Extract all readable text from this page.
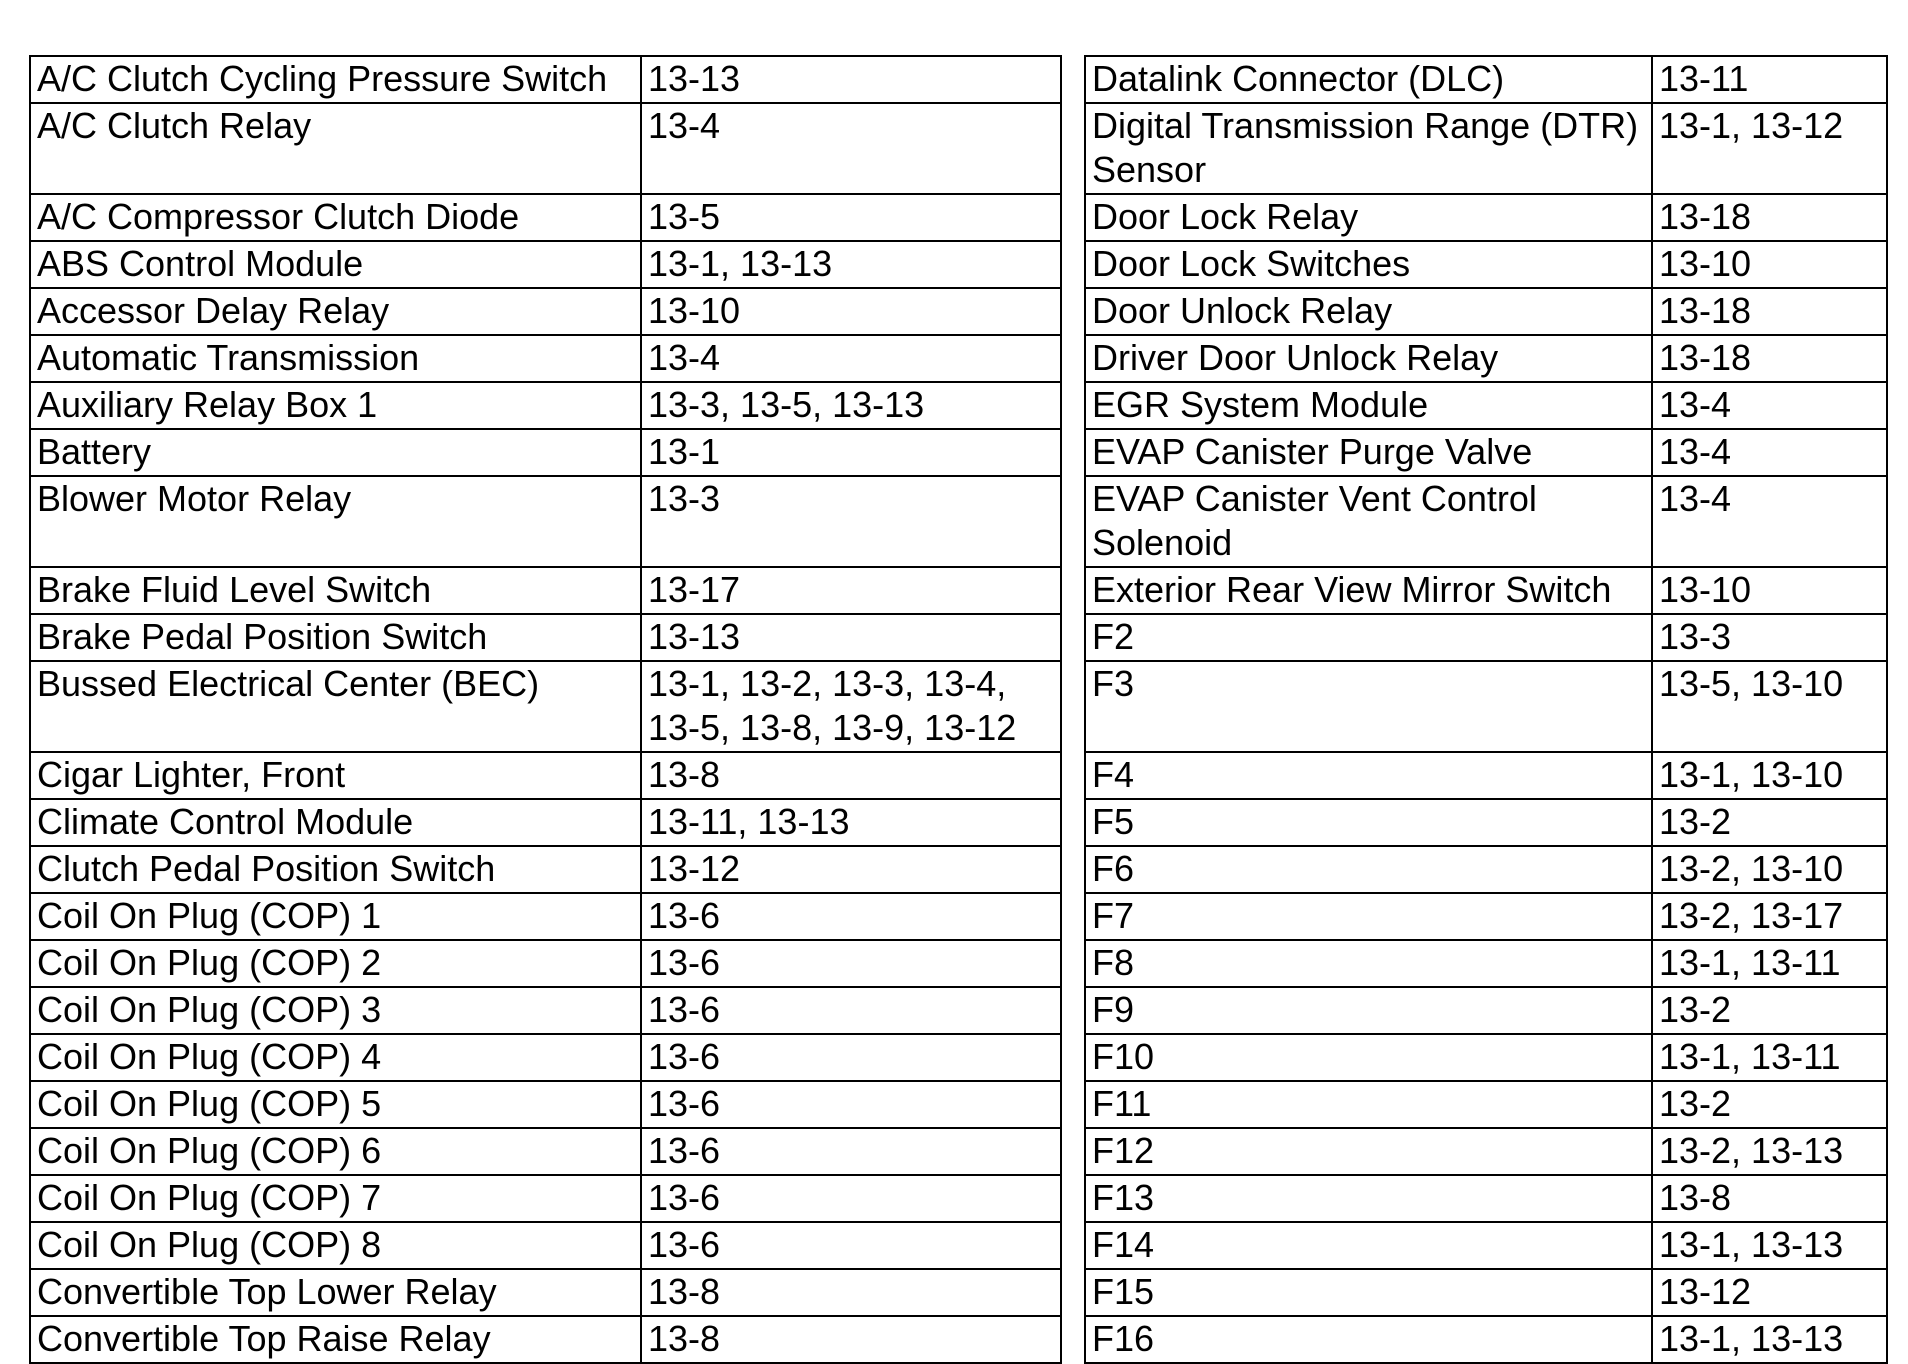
A/C Clutch Cycling Pressure Switch	13-13

A/C Clutch Relay	13-4

A/C Compressor Clutch Diode	13-5

ABS Control Module	13-1, 13-13

Accessor Delay Relay	13-10

Automatic Transmission	13-4

Auxiliary Relay Box 1	13-3, 13-5, 13-13

Battery	13-1

Blower Motor Relay	13-3

Brake Fluid Level Switch	13-17

Brake Pedal Position Switch	13-13

Bussed Electrical Center (BEC)	13-1, 13-2, 13-3, 13-4,
13-5, 13-8, 13-9, 13-12

Cigar Lighter, Front	13-8

Climate Control Module	13-11, 13-13

Clutch Pedal Position Switch	13-12

Coil On Plug (COP) 1	13-6

Coil On Plug (COP) 2	13-6

Coil On Plug (COP) 3	13-6

Coil On Plug (COP) 4	13-6

Coil On Plug (COP) 5	13-6

Coil On Plug (COP) 6	13-6

Coil On Plug (COP) 7	13-6

Coil On Plug (COP) 8	13-6

Convertible Top Lower Relay	13-8

Convertible Top Raise Relay	13-8
Datalink Connector (DLC)	13-11

Digital Transmission Range (DTR)
Sensor	13-1, 13-12

Door Lock Relay	13-18

Door Lock Switches	13-10

Door Unlock Relay	13-18

Driver Door Unlock Relay	13-18

EGR System Module	13-4

EVAP Canister Purge Valve	13-4

EVAP Canister Vent Control
Solenoid	13-4

Exterior Rear View Mirror Switch	13-10

F2	13-3

F3	13-5, 13-10

F4	13-1, 13-10

F5	13-2

F6	13-2, 13-10

F7	13-2, 13-17

F8	13-1, 13-11

F9	13-2

F10	13-1, 13-11

F11	13-2

F12	13-2, 13-13

F13	13-8

F14	13-1, 13-13

F15	13-12

F16	13-1, 13-13
